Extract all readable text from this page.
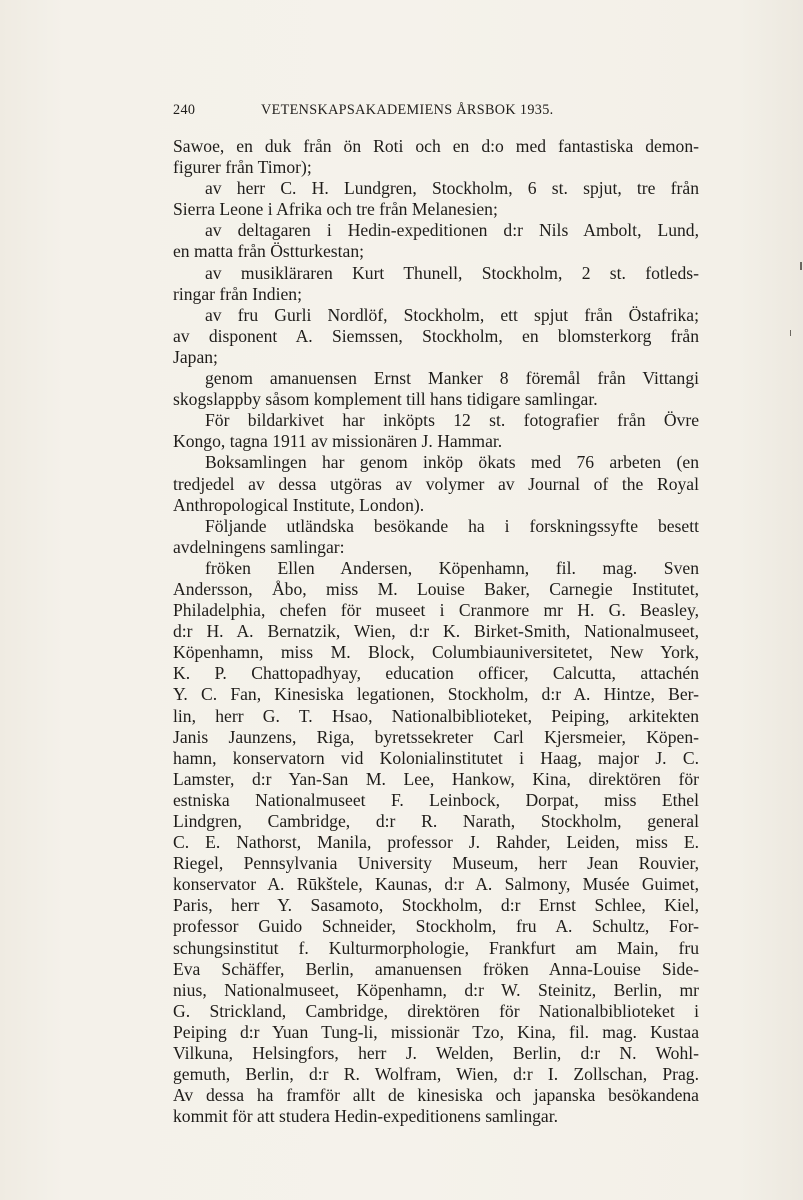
240	VETENSKAPSAKADEMIENS ÅRSBOK 1935.
Sawoe, en duk från ön Roti och en d:o med fantastiska demon-
figurer från Timor);
av herr C. H. Lundgren, Stockholm, 6 st. spjut, tre från
Sierra Leone i Afrika och tre från Melanesien;
av deltagaren i Hedin-expeditionen d:r Nils Ambolt, Lund,
en matta från Östturkestan;
av musikläraren Kurt Thunell, Stockholm, 2 st. fotleds-
ringar från Indien;
av fru Gurli Nordlöf, Stockholm, ett spjut från Östafrika;
av disponent A. Siemssen, Stockholm, en blomsterkorg från
Japan;
genom amanuensen Ernst Manker 8 föremål från Vittangi
skogslappby såsom komplement till hans tidigare samlingar.
För bildarkivet har inköpts 12 st. fotografier från Övre
Kongo, tagna 1911 av missionären J. Hammar.
Boksamlingen har genom inköp ökats med 76 arbeten (en
tredjedel av dessa utgöras av volymer av Journal of the Royal
Anthropological Institute, London).
Följande utländska besökande ha i forskningssyfte besett
avdelningens samlingar:
fröken Ellen Andersen, Köpenhamn, fil. mag. Sven
Andersson, Åbo, miss M. Louise Baker, Carnegie Institutet,
Philadelphia, chefen för museet i Cranmore mr H. G. Beasley,
d:r H. A. Bernatzik, Wien, d:r K. Birket-Smith, Nationalmuseet,
Köpenhamn, miss M. Block, Columbiauniversitetet, New York,
K. P. Chattopadhyay, education officer, Calcutta, attachén
Y. C. Fan, Kinesiska legationen, Stockholm, d:r A. Hintze, Ber-
lin, herr G. T. Hsao, Nationalbiblioteket, Peiping, arkitekten
Janis Jaunzens, Riga, byretssekreter Carl Kjersmeier, Köpen-
hamn, konservatorn vid Kolonialinstitutet i Haag, major J. C.
Lamster, d:r Yan-San M. Lee, Hankow, Kina, direktören för
estniska Nationalmuseet F. Leinbock, Dorpat, miss Ethel
Lindgren, Cambridge, d:r R. Narath, Stockholm, general
C. E. Nathorst, Manila, professor J. Rahder, Leiden, miss E.
Riegel, Pennsylvania University Museum, herr Jean Rouvier,
konservator A. Rūkštele, Kaunas, d:r A. Salmony, Musée Guimet,
Paris, herr Y. Sasamoto, Stockholm, d:r Ernst Schlee, Kiel,
professor Guido Schneider, Stockholm, fru A. Schultz, For-
schungsinstitut f. Kulturmorphologie, Frankfurt am Main, fru
Eva Schäffer, Berlin, amanuensen fröken Anna-Louise Side-
nius, Nationalmuseet, Köpenhamn, d:r W. Steinitz, Berlin, mr
G. Strickland, Cambridge, direktören för Nationalbiblioteket i
Peiping d:r Yuan Tung-li, missionär Tzo, Kina, fil. mag. Kustaa
Vilkuna, Helsingfors, herr J. Welden, Berlin, d:r N. Wohl-
gemuth, Berlin, d:r R. Wolfram, Wien, d:r I. Zollschan, Prag.
Av dessa ha framför allt de kinesiska och japanska besökandena
kommit för att studera Hedin-expeditionens samlingar.
